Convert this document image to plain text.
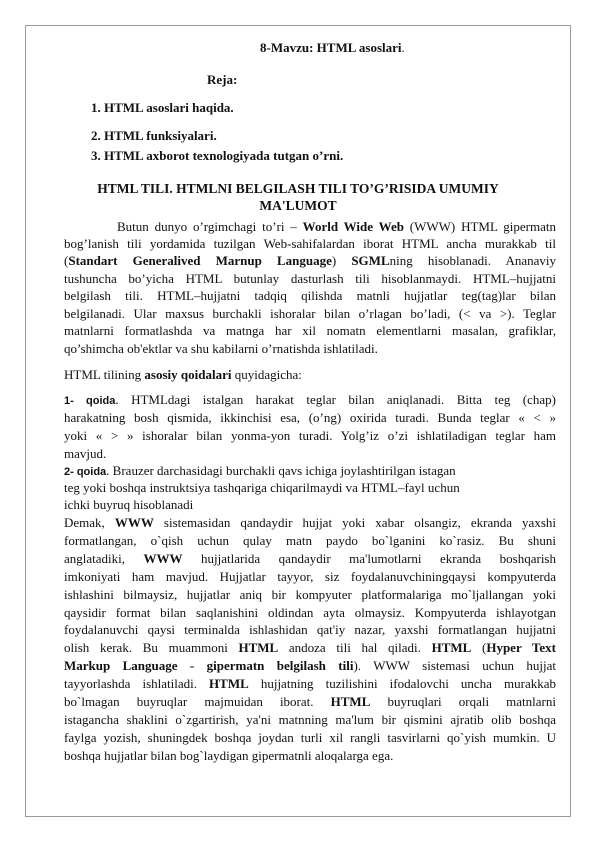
8-Mavzu: HTML asoslari.
Reja:
1. HTML asoslari haqida.
2. HTML funksiyalari.
3. HTML axborot texnologiyada tutgan o’rni.
HTML TILI. HTMLNI BELGILASH TILI TO’G’RISIDA UMUMIY
MA'LUMOT
Butun dunyo o’rgimchagi to’ri – World Wide Web (WWW) HTML gipermatn
bog’lanish tili yordamida tuzilgan Web-sahifalardan iborat HTML ancha murakkab til
(Standart Generalived Marnup Language) SGMLning hisoblanadi. Ananaviy
tushuncha bo’yicha HTML butunlay dasturlash tili hisoblanmaydi. HTML–hujjatni
belgilash tili. HTML–hujjatni tadqiq qilishda matnli hujjatlar teg(tag)lar bilan
belgilanadi. Ular maxsus burchakli ishoralar bilan o’rlagan bo’ladi, (< va >). Teglar
matnlarni formatlashda va matnga har xil nomatn elementlarni masalan, grafiklar,
qo’shimcha ob'ektlar va shu kabilarni o’rnatishda ishlatiladi.
HTML tilining asosiy qoidalari quyidagicha:
1- qoida. HTMLdagi istalgan harakat teglar bilan aniqlanadi. Bitta teg (chap)
harakatning bosh qismida, ikkinchisi esa, (o’ng) oxirida turadi. Bunda teglar « < »
yoki « > » ishoralar bilan yonma-yon turadi. Yolg’iz o’zi ishlatiladigan teglar ham
mavjud.
2- qoida. Brauzer darchasidagi burchakli qavs ichiga joylashtirilgan istagan
teg yoki boshqa instruktsiya tashqariga chiqarilmaydi va HTML–fayl uchun
ichki buyruq hisoblanadi
Demak, WWW sistemasidan qandaydir hujjat yoki xabar olsangiz, ekranda yaxshi
formatlangan, o`qish uchun qulay matn paydo bo`lganini ko`rasiz. Bu shuni
anglatadiki, WWW hujjatlarida qandaydir ma'lumotlarni ekranda boshqarish
imkoniyati ham mavjud. Hujjatlar tayyor, siz foydalanuvchiningqaysi kompyuterda
ishlashini bilmaysiz, hujjatlar aniq bir kompyuter platformalariga mo`ljallangan yoki
qaysidir format bilan saqlanishini oldindan ayta olmaysiz. Kompyuterda ishlayotgan
foydalanuvchi qaysi terminalda ishlashidan qat'iy nazar, yaxshi formatlangan hujjatni
olish kerak. Bu muammoni HTML andoza tili hal qiladi. HTML (Hyper Text
Markup Language - gipermatn belgilash tili). WWW sistemasi uchun hujjat
tayyorlashda ishlatiladi. HTML hujjatning tuzilishini ifodalovchi uncha murakkab
bo`lmagan buyruqlar majmuidan iborat. HTML buyruqlari orqali matnlarni
istagancha shaklini o`zgartirish, ya'ni matnning ma'lum bir qismini ajratib olib boshqa
faylga yozish, shuningdek boshqa joydan turli xil rangli tasvirlarni qo`yish mumkin. U
boshqa hujjatlar bilan bog`laydigan gipermatnli aloqalarga ega.
